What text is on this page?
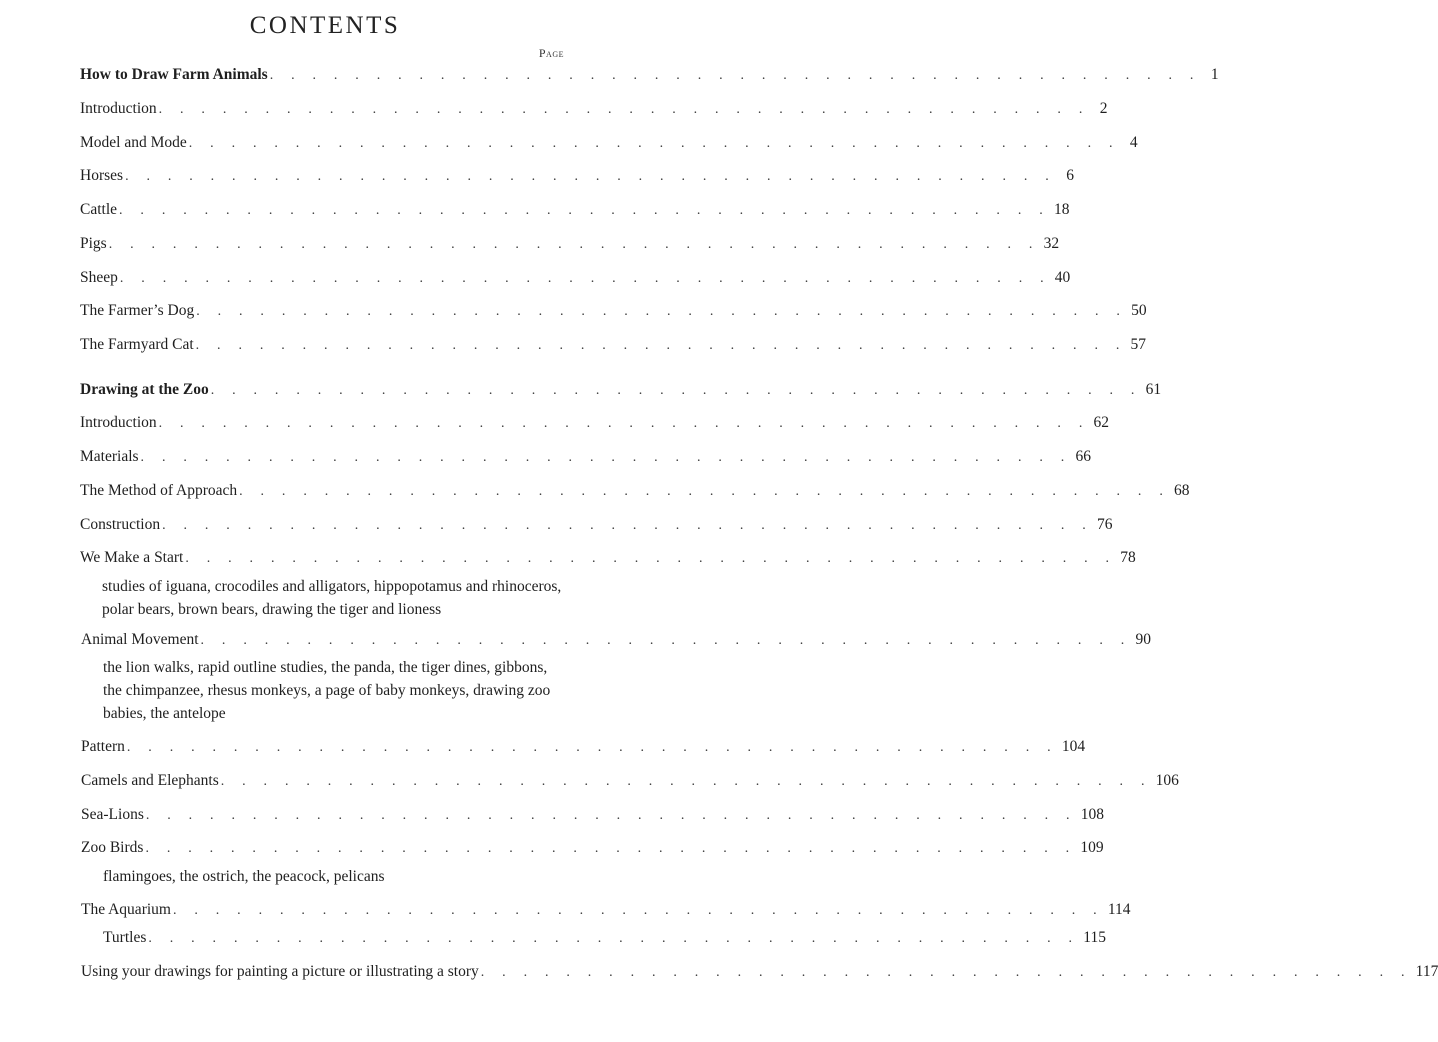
CONTENTS
Page
How to Draw Farm Animals . . . . . . . . . . . . . . . . . . . . . . . . . . . . . . . . . . . . . . . . . . . . 1
Introduction . . . . . . . . . . . . . . . . . . . . . . . . . . . . . . . . . . . . . . . . . . . . 2
Model and Mode . . . . . . . . . . . . . . . . . . . . . . . . . . . . . . . . . . . . . . . . . . . . 4
Horses . . . . . . . . . . . . . . . . . . . . . . . . . . . . . . . . . . . . . . . . . . . . 6
Cattle . . . . . . . . . . . . . . . . . . . . . . . . . . . . . . . . . . . . . . . . . . . . 18
Pigs . . . . . . . . . . . . . . . . . . . . . . . . . . . . . . . . . . . . . . . . . . . . 32
Sheep . . . . . . . . . . . . . . . . . . . . . . . . . . . . . . . . . . . . . . . . . . . . 40
The Farmer’s Dog . . . . . . . . . . . . . . . . . . . . . . . . . . . . . . . . . . . . . . . . . . . . 50
The Farmyard Cat . . . . . . . . . . . . . . . . . . . . . . . . . . . . . . . . . . . . . . . . . . . . 57
Drawing at the Zoo . . . . . . . . . . . . . . . . . . . . . . . . . . . . . . . . . . . . . . . . . . . . 61
Introduction . . . . . . . . . . . . . . . . . . . . . . . . . . . . . . . . . . . . . . . . . . . . 62
Materials . . . . . . . . . . . . . . . . . . . . . . . . . . . . . . . . . . . . . . . . . . . . 66
The Method of Approach . . . . . . . . . . . . . . . . . . . . . . . . . . . . . . . . . . . . . . . . . . . . 68
Construction . . . . . . . . . . . . . . . . . . . . . . . . . . . . . . . . . . . . . . . . . . . . 76
We Make a Start . . . . . . . . . . . . . . . . . . . . . . . . . . . . . . . . . . . . . . . . . . . . 78
studies of iguana, crocodiles and alligators, hippopotamus and rhinoceros,
polar bears, brown bears, drawing the tiger and lioness
Animal Movement . . . . . . . . . . . . . . . . . . . . . . . . . . . . . . . . . . . . . . . . . . . . 90
the lion walks, rapid outline studies, the panda, the tiger dines, gibbons,
the chimpanzee, rhesus monkeys, a page of baby monkeys, drawing zoo
babies, the antelope
Pattern . . . . . . . . . . . . . . . . . . . . . . . . . . . . . . . . . . . . . . . . . . . . 104
Camels and Elephants . . . . . . . . . . . . . . . . . . . . . . . . . . . . . . . . . . . . . . . . . . . . 106
Sea-Lions . . . . . . . . . . . . . . . . . . . . . . . . . . . . . . . . . . . . . . . . . . . . 108
Zoo Birds . . . . . . . . . . . . . . . . . . . . . . . . . . . . . . . . . . . . . . . . . . . . 109
flamingoes, the ostrich, the peacock, pelicans
The Aquarium . . . . . . . . . . . . . . . . . . . . . . . . . . . . . . . . . . . . . . . . . . . . 114
Turtles . . . . . . . . . . . . . . . . . . . . . . . . . . . . . . . . . . . . . . . . . . . . 115
Using your drawings for painting a picture or illustrating a story . . . . . . . . . . . . . . . . . . . . . . . . . . . . . . . . . . . . . . . . . . . . 117
